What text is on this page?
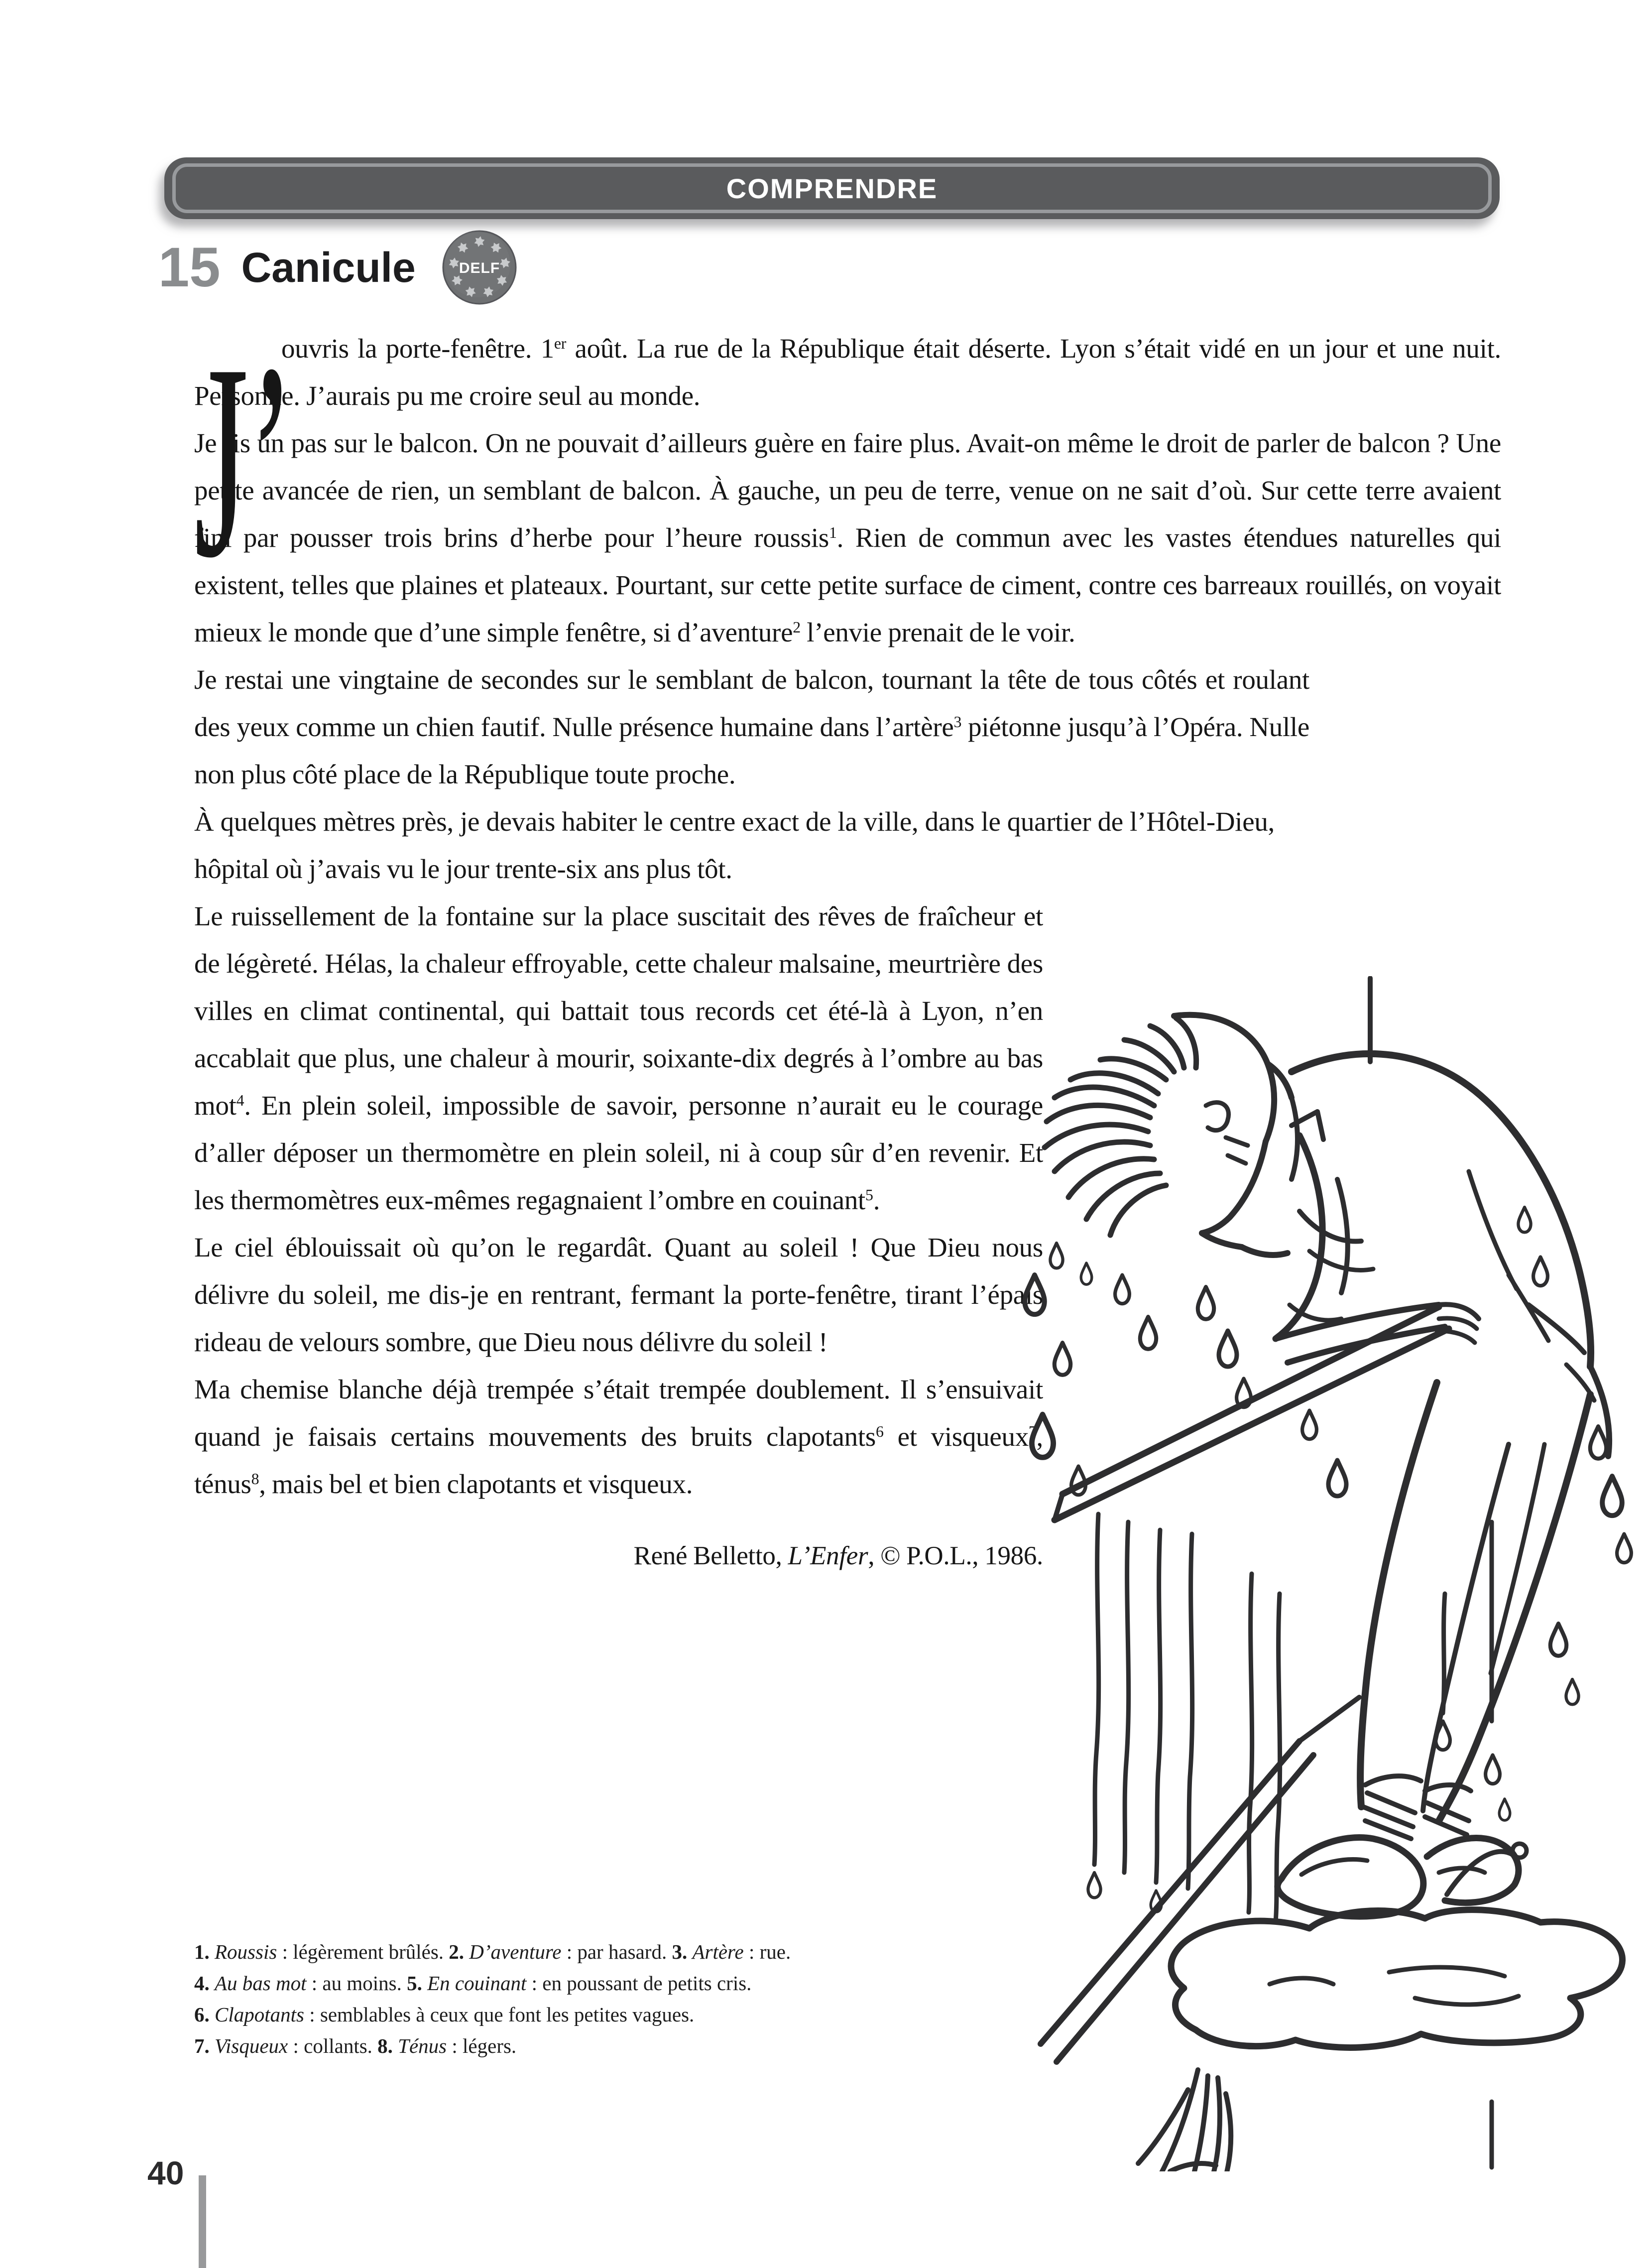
COMPRENDRE
15 Canicule	DELF
J’

ouvris la porte-fenêtre. 1er août. La rue de la République était déserte. Lyon s’était vidé en un jour et une nuit. Personne. J’aurais pu me croire seul au monde.

Je fis un pas sur le balcon. On ne pouvait d’ailleurs guère en faire plus. Avait-on même le droit de parler de balcon ? Une petite avancée de rien, un semblant de balcon. À gauche, un peu de terre, venue on ne sait d’où. Sur cette terre avaient fini par pousser trois brins d’herbe pour l’heure roussis$^1$. Rien de commun avec les vastes étendues naturelles qui existent, telles que plaines et plateaux. Pourtant, sur cette petite surface de ciment, contre ces barreaux rouillés, on voyait mieux le monde que d’une simple fenêtre, si d’aventure$^2$ l’envie prenait de le voir.

Je restai une vingtaine de secondes sur le semblant de balcon, tournant la tête de tous côtés et roulant des yeux comme un chien fautif. Nulle présence humaine dans l’artère$^3$ piétonne jusqu’à l’Opéra. Nulle non plus côté place de la République toute proche.

À quelques mètres près, je devais habiter le centre exact de la ville, dans le quartier de l’Hôtel-Dieu, hôpital où j’avais vu le jour trente-six ans plus tôt.

Le ruissellement de la fontaine sur la place suscitait des rêves de fraîcheur et de légèreté. Hélas, la chaleur effroyable, cette chaleur malsaine, meurtrière des villes en climat continental, qui battait tous records cet été-là à Lyon, n’en accablait que plus, une chaleur à mourir, soixante-dix degrés à l’ombre au bas mot$^4$. En plein soleil, impossible de savoir, personne n’aurait eu le courage d’aller déposer un thermomètre en plein soleil, ni à coup sûr d’en revenir. Et les thermomètres eux-mêmes regagnaient l’ombre en couinant$^5$.

Le ciel éblouissait où qu’on le regardât. Quant au soleil ! Que Dieu nous délivre du soleil, me dis-je en rentrant, fermant la porte-fenêtre, tirant l’épais rideau de velours sombre, que Dieu nous délivre du soleil !

Ma chemise blanche déjà trempée s’était trempée doublement. Il s’ensuivait quand je faisais certains mouvements des bruits clapotants$^6$ et visqueux$^7$, ténus$^8$, mais bel et bien clapotants et visqueux.

René Belletto, L’Enfer, © P.O.L., 1986.
1. Roussis : légèrement brûlés. 2. D’aventure : par hasard. 3. Artère : rue.
4. Au bas mot : au moins. 5. En couinant : en poussant de petits cris.
6. Clapotants : semblables à ceux que font les petites vagues.
7. Visqueux : collants. 8. Ténus : légers.
40
